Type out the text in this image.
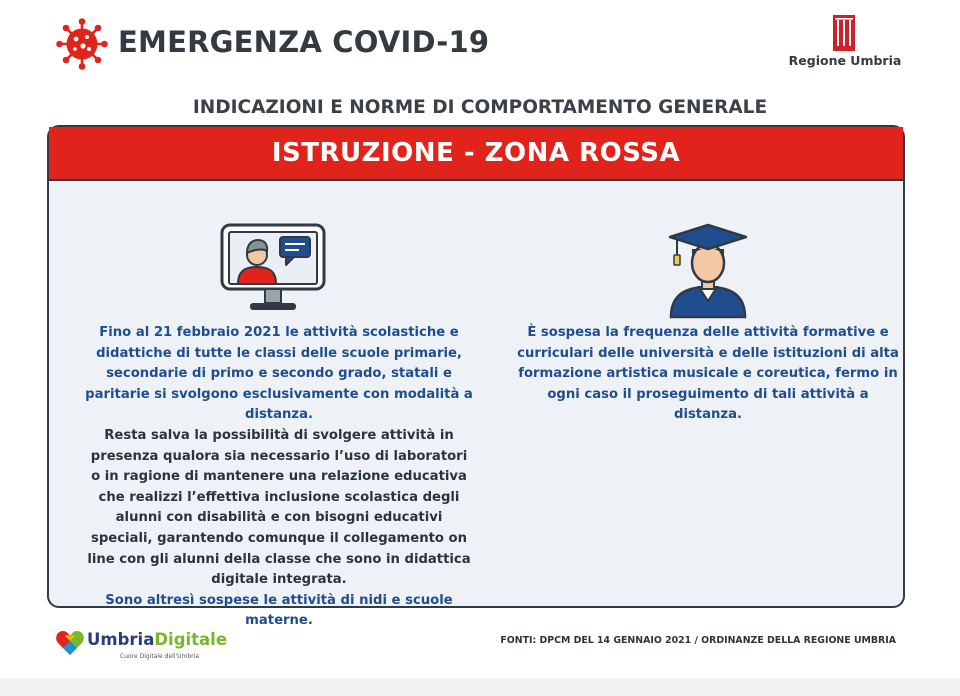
EMERGENZA COVID-19
Regione Umbria
INDICAZIONI E NORME DI COMPORTAMENTO GENERALE
ISTRUZIONE - ZONA ROSSA

Fino al 21 febbraio 2021 le attività scolastiche e didattiche di tutte le classi delle scuole primarie, secondarie di primo e secondo grado, statali e paritarie si svolgono esclusivamente con modalità a distanza.

Resta salva la possibilità di svolgere attività in presenza qualora sia necessario l’uso di laboratori o in ragione di mantenere una relazione educativa che realizzi l’effettiva inclusione scolastica degli alunni con disabilità e con bisogni educativi speciali, garantendo comunque il collegamento on line con gli alunni della classe che sono in didattica digitale integrata.

Sono altresì sospese le attività di nidi e scuole materne.

È sospesa la frequenza delle attività formative e curriculari delle università e delle istituzioni di alta formazione artistica musicale e coreutica, fermo in ogni caso il proseguimento di tali attività a distanza.

UmbriaDigitale
Cuore Digitale dell'Umbria
FONTI: DPCM DEL 14 GENNAIO 2021 / ORDINANZE DELLA REGIONE UMBRIA
